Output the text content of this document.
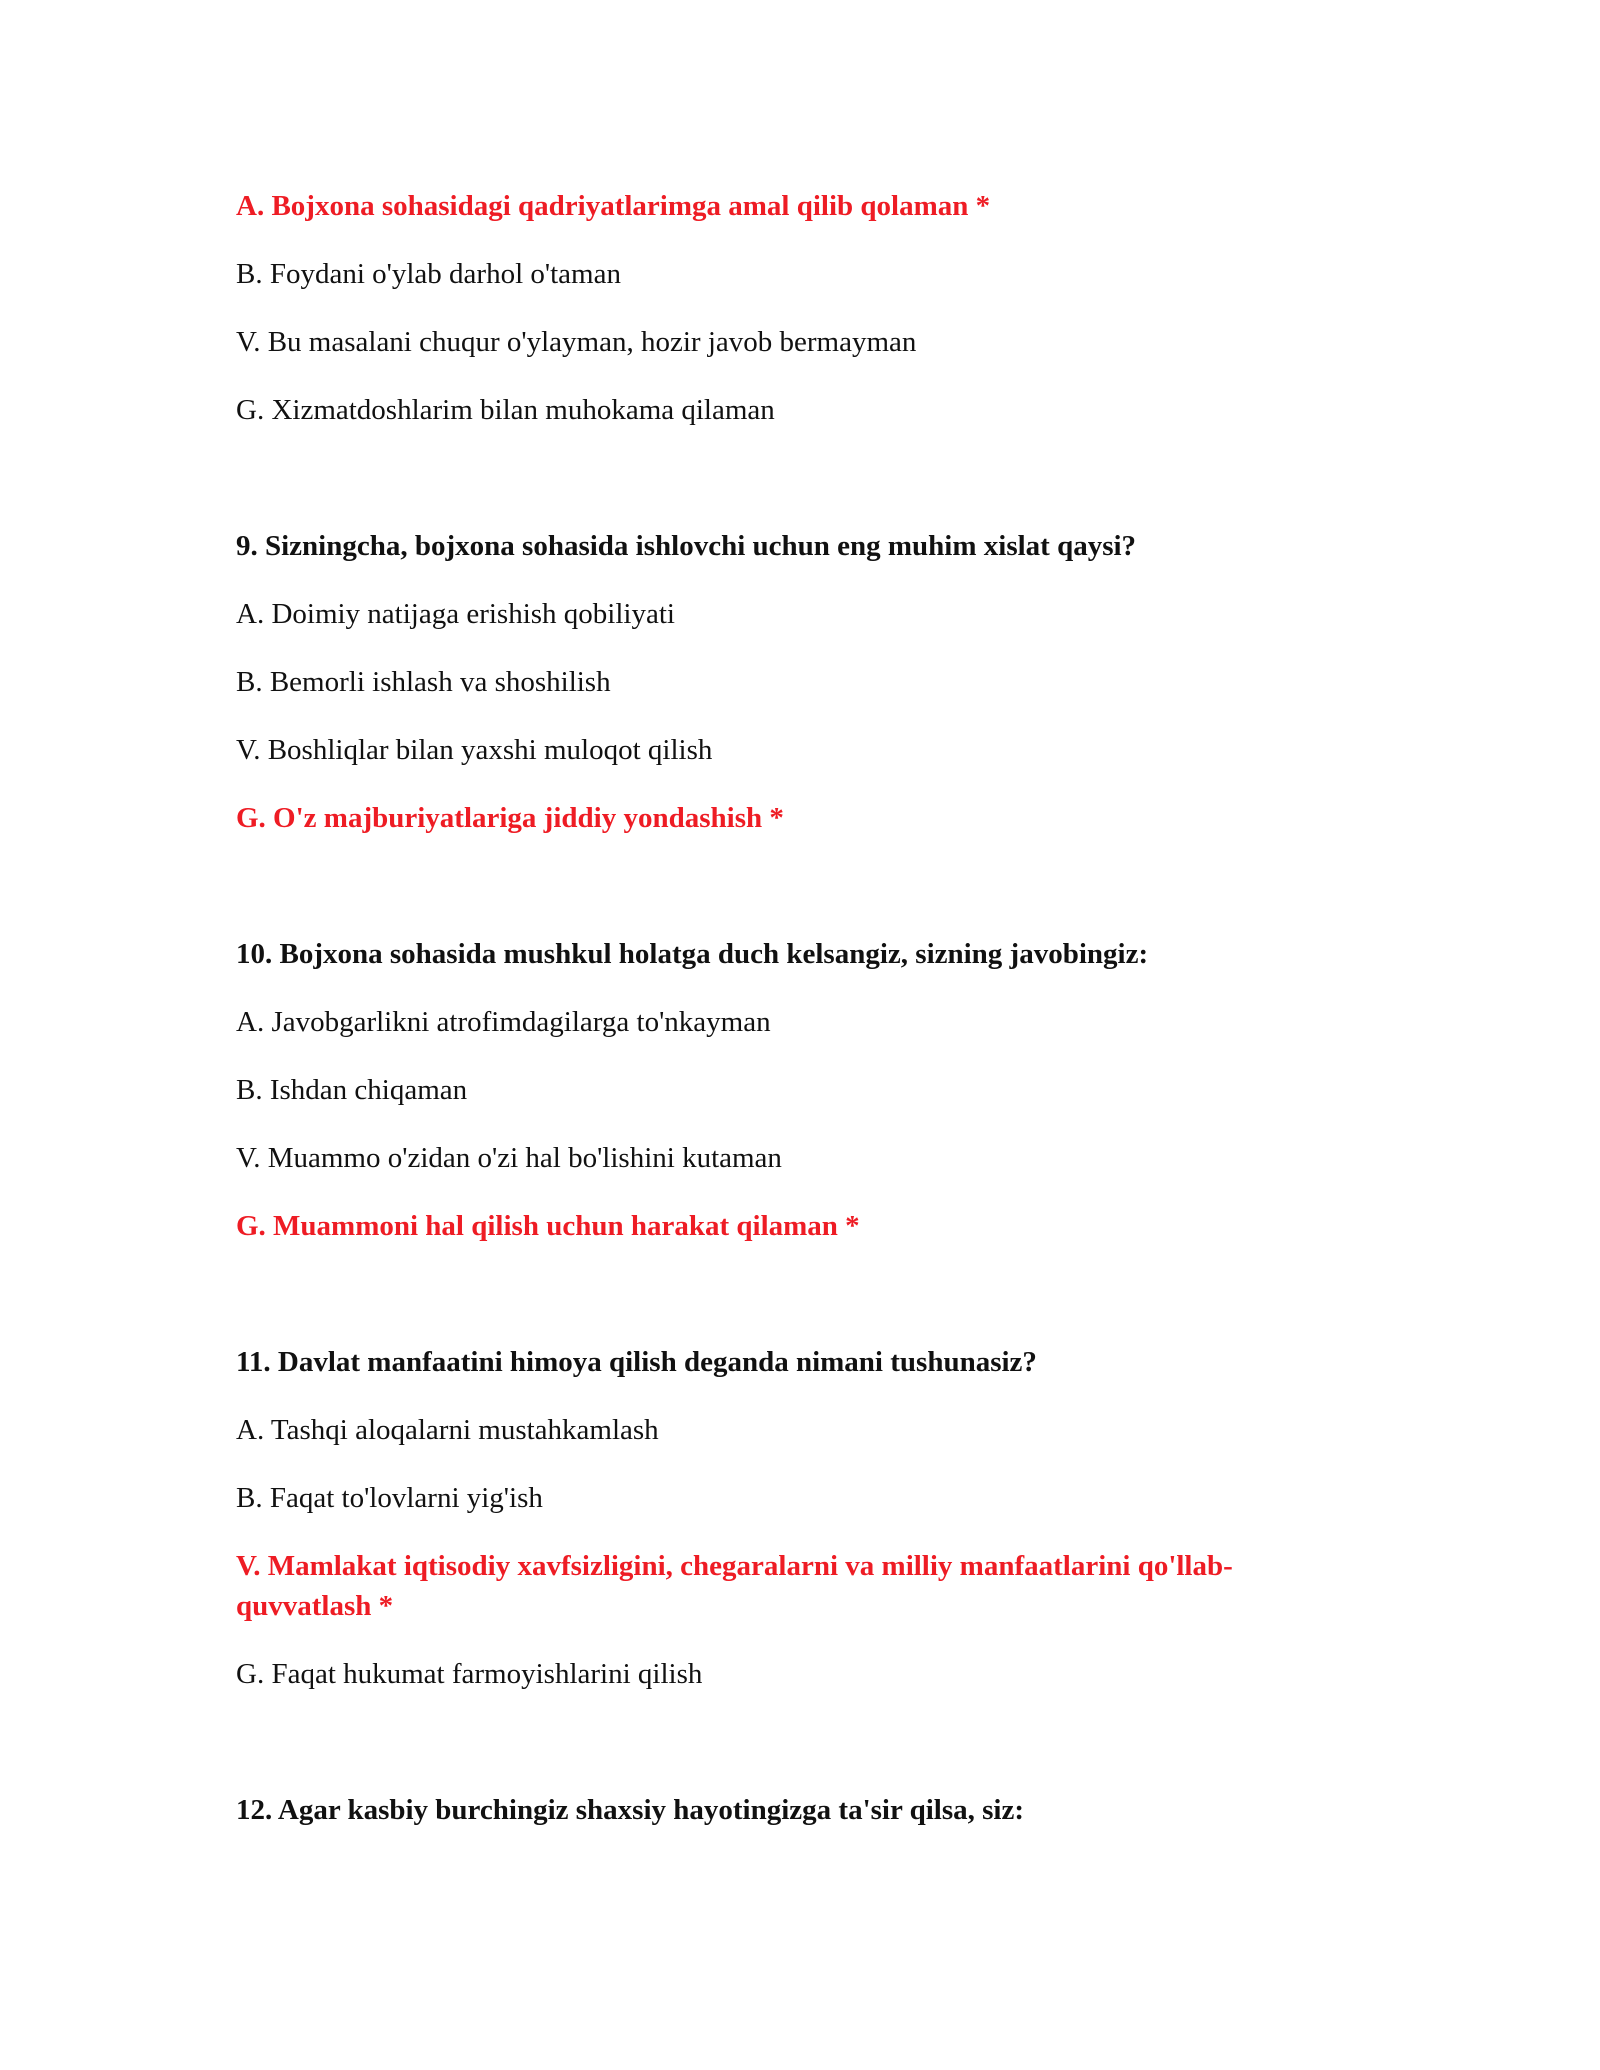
A. Bojxona sohasidagi qadriyatlarimga amal qilib qolaman *

B. Foydani o'ylab darhol o'taman

V. Bu masalani chuqur o'ylayman, hozir javob bermayman

G. Xizmatdoshlarim bilan muhokama qilaman

9. Sizningcha, bojxona sohasida ishlovchi uchun eng muhim xislat qaysi?

A. Doimiy natijaga erishish qobiliyati

B. Bemorli ishlash va shoshilish

V. Boshliqlar bilan yaxshi muloqot qilish

G. O'z majburiyatlariga jiddiy yondashish *

10. Bojxona sohasida mushkul holatga duch kelsangiz, sizning javobingiz:

A. Javobgarlikni atrofimdagilarga to'nkayman

B. Ishdan chiqaman

V. Muammo o'zidan o'zi hal bo'lishini kutaman

G. Muammoni hal qilish uchun harakat qilaman *

11. Davlat manfaatini himoya qilish deganda nimani tushunasiz?

A. Tashqi aloqalarni mustahkamlash

B. Faqat to'lovlarni yig'ish

V. Mamlakat iqtisodiy xavfsizligini, chegaralarni va milliy manfaatlarini qo'llab-quvvatlash *

G. Faqat hukumat farmoyishlarini qilish

12. Agar kasbiy burchingiz shaxsiy hayotingizga ta'sir qilsa, siz:
